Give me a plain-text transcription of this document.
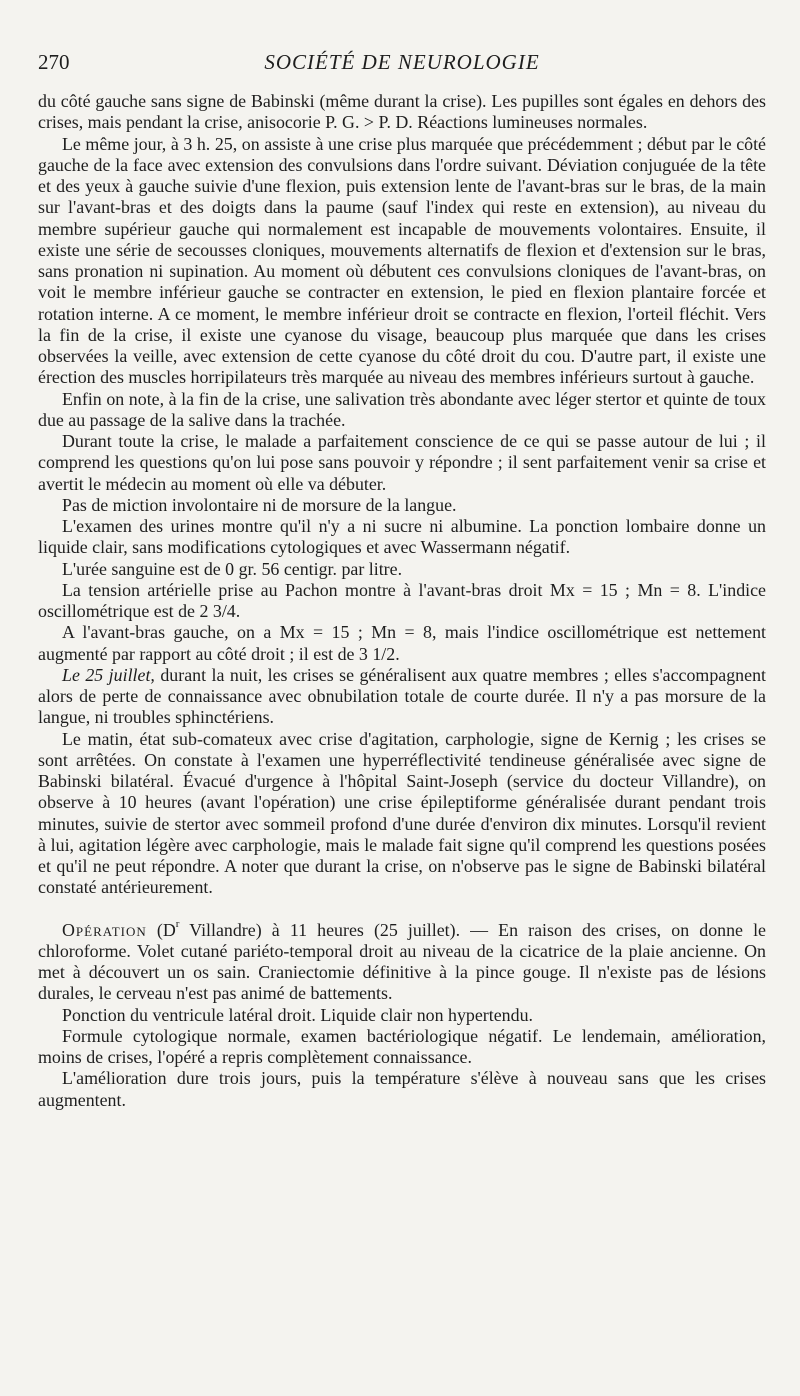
270	SOCIÉTÉ DE NEUROLOGIE

du côté gauche sans signe de Babinski (même durant la crise). Les pupilles sont égales en dehors des crises, mais pendant la crise, anisocorie P. G. > P. D. Réactions lumineuses normales.

Le même jour, à 3 h. 25, on assiste à une crise plus marquée que précédemment ; début par le côté gauche de la face avec extension des convulsions dans l'ordre suivant. Déviation conjuguée de la tête et des yeux à gauche suivie d'une flexion, puis extension lente de l'avant-bras sur le bras, de la main sur l'avant-bras et des doigts dans la paume (sauf l'index qui reste en extension), au niveau du membre supérieur gauche qui normalement est incapable de mouvements volontaires. Ensuite, il existe une série de secousses cloniques, mouvements alternatifs de flexion et d'extension sur le bras, sans pronation ni supination. Au moment où débutent ces convulsions cloniques de l'avant-bras, on voit le membre inférieur gauche se contracter en extension, le pied en flexion plantaire forcée et rotation interne. A ce moment, le membre inférieur droit se contracte en flexion, l'orteil fléchit. Vers la fin de la crise, il existe une cyanose du visage, beaucoup plus marquée que dans les crises observées la veille, avec extension de cette cyanose du côté droit du cou. D'autre part, il existe une érection des muscles horripilateurs très marquée au niveau des membres inférieurs surtout à gauche.

Enfin on note, à la fin de la crise, une salivation très abondante avec léger stertor et quinte de toux due au passage de la salive dans la trachée.

Durant toute la crise, le malade a parfaitement conscience de ce qui se passe autour de lui ; il comprend les questions qu'on lui pose sans pouvoir y répondre ; il sent parfaitement venir sa crise et avertit le médecin au moment où elle va débuter.

Pas de miction involontaire ni de morsure de la langue.

L'examen des urines montre qu'il n'y a ni sucre ni albumine. La ponction lombaire donne un liquide clair, sans modifications cytologiques et avec Wassermann négatif.

L'urée sanguine est de 0 gr. 56 centigr. par litre.

La tension artérielle prise au Pachon montre à l'avant-bras droit Mx = 15 ; Mn = 8. L'indice oscillométrique est de 2 3/4.

A l'avant-bras gauche, on a Mx = 15 ; Mn = 8, mais l'indice oscillométrique est nettement augmenté par rapport au côté droit ; il est de 3 1/2.

Le 25 juillet, durant la nuit, les crises se généralisent aux quatre membres ; elles s'accompagnent alors de perte de connaissance avec obnubilation totale de courte durée. Il n'y a pas morsure de la langue, ni troubles sphinctériens.

Le matin, état sub-comateux avec crise d'agitation, carphologie, signe de Kernig ; les crises se sont arrêtées. On constate à l'examen une hyperréflectivité tendineuse généralisée avec signe de Babinski bilatéral. Évacué d'urgence à l'hôpital Saint-Joseph (service du docteur Villandre), on observe à 10 heures (avant l'opération) une crise épileptiforme généralisée durant pendant trois minutes, suivie de stertor avec sommeil profond d'une durée d'environ dix minutes. Lorsqu'il revient à lui, agitation légère avec carphologie, mais le malade fait signe qu'il comprend les questions posées et qu'il ne peut répondre. A noter que durant la crise, on n'observe pas le signe de Babinski bilatéral constaté antérieurement.

Opération ($D^r$ Villandre) à 11 heures (25 juillet). — En raison des crises, on donne le chloroforme. Volet cutané pariéto-temporal droit au niveau de la cicatrice de la plaie ancienne. On met à découvert un os sain. Craniectomie définitive à la pince gouge. Il n'existe pas de lésions durales, le cerveau n'est pas animé de battements.

Ponction du ventricule latéral droit. Liquide clair non hypertendu.

Formule cytologique normale, examen bactériologique négatif. Le lendemain, amélioration, moins de crises, l'opéré a repris complètement connaissance.

L'amélioration dure trois jours, puis la température s'élève à nouveau sans que les crises augmentent.
